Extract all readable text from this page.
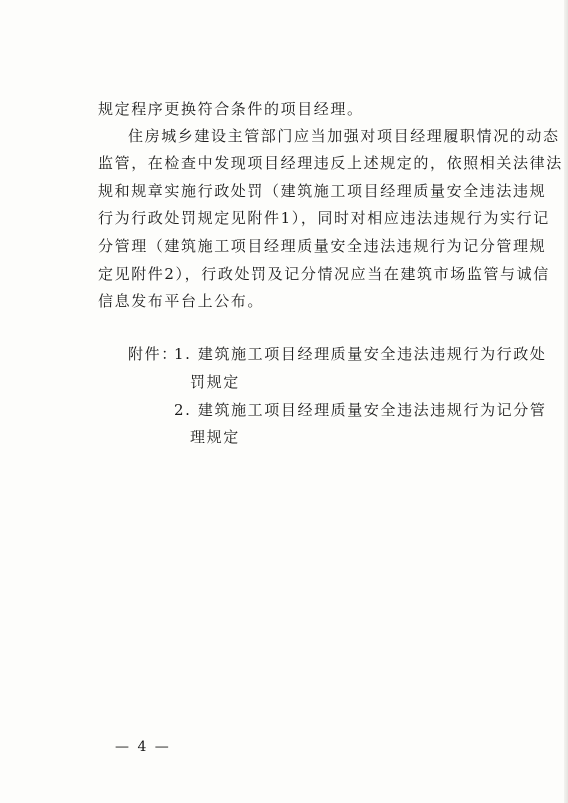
规定程序更换符合条件的项目经理。
住房城乡建设主管部门应当加强对项目经理履职情况的动态
监管，在检查中发现项目经理违反上述规定的，依照相关法律法
规和规章实施行政处罚（建筑施工项目经理质量安全违法违规
行为行政处罚规定见附件1），同时对相应违法违规行为实行记
分管理（建筑施工项目经理质量安全违法违规行为记分管理规
定见附件2），行政处罚及记分情况应当在建筑市场监管与诚信
信息发布平台上公布。
附件：
1. 建筑施工项目经理质量安全违法违规行为行政处
罚规定
2. 建筑施工项目经理质量安全违法违规行为记分管
理规定
— 4 —
